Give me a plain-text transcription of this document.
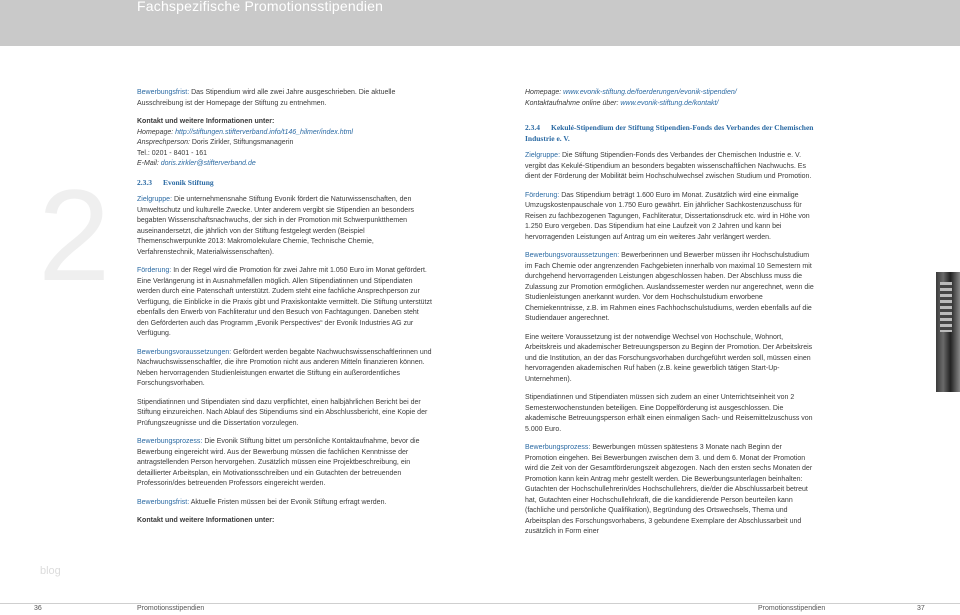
Fachspezifische Promotionsstipendien
2
blog
Bewerbungsfrist: Das Stipendium wird alle zwei Jahre ausgeschrieben. Die aktuelle Ausschreibung ist der Homepage der Stiftung zu entnehmen.
Kontakt und weitere Informationen unter:
Homepage: http://stiftungen.stifterverband.info/t146_hilmer/index.html
Ansprechperson: Doris Zirkler, Stiftungsmanagerin
Tel.: 0201 - 8401 - 161
E-Mail: doris.zirkler@stifterverband.de
2.3.3 Evonik Stiftung
Zielgruppe: Die unternehmensnahe Stiftung Evonik fördert die Naturwissenschaften, den Umweltschutz und kulturelle Zwecke. Unter anderem vergibt sie Stipendien an besonders begabten Wissenschaftsnachwuchs, der sich in der Promotion mit Schwerpunktthemen auseinandersetzt, die jährlich von der Stiftung festgelegt werden (Beispiel Themenschwerpunkte 2013: Makromolekulare Chemie, Technische Chemie, Verfahrenstechnik, Materialwissenschaften).
Förderung: In der Regel wird die Promotion für zwei Jahre mit 1.050 Euro im Monat gefördert. Eine Verlängerung ist in Ausnahmefällen möglich. Allen Stipendiatinnen und Stipendiaten werden durch eine Patenschaft unterstützt. Zudem steht eine fachliche Ansprechperson zur Verfügung, die Einblicke in die Praxis gibt und Praxiskontakte vermittelt. Die Stiftung unterstützt ebenfalls den Erwerb von Fachliteratur und den Besuch von Fachtagungen. Daneben steht den Geförderten auch das Programm „Evonik Perspectives“ der Evonik Industries AG zur Verfügung.
Bewerbungsvoraussetzungen: Gefördert werden begabte Nachwuchswissenschaftlerinnen und Nachwuchswissenschaftler, die ihre Promotion nicht aus anderen Mitteln finanzieren können. Neben hervorragenden Studienleistungen erwartet die Stiftung ein außerordentliches Forschungsvorhaben.
Stipendiatinnen und Stipendiaten sind dazu verpflichtet, einen halbjährlichen Bericht bei der Stiftung einzureichen. Nach Ablauf des Stipendiums sind ein Abschlussbericht, eine Kopie der Prüfungszeugnisse und die Dissertation vorzulegen.
Bewerbungsprozess: Die Evonik Stiftung bittet um persönliche Kontaktaufnahme, bevor die Bewerbung eingereicht wird. Aus der Bewerbung müssen die fachlichen Kenntnisse der antragstellenden Person hervorgehen. Zusätzlich müssen eine Projektbeschreibung, ein detaillierter Arbeitsplan, ein Motivationsschreiben und ein Gutachten der betreuenden Professorin/des betreuenden Professors eingereicht werden.
Bewerbungsfrist: Aktuelle Fristen müssen bei der Evonik Stiftung erfragt werden.
Kontakt und weitere Informationen unter:
Homepage: www.evonik-stiftung.de/foerderungen/evonik-stipendien/
Kontaktaufnahme online über: www.evonik-stiftung.de/kontakt/
2.3.4 Kekulé-Stipendium der Stiftung Stipendien-Fonds des Verbandes der Chemischen Industrie e. V.
Zielgruppe: Die Stiftung Stipendien-Fonds des Verbandes der Chemischen Industrie e. V. vergibt das Kekulé-Stipendium an besonders begabten wissenschaftlichen Nachwuchs. Es dient der Förderung der Mobilität beim Hochschulwechsel zwischen Studium und Promotion.
Förderung: Das Stipendium beträgt 1.600 Euro im Monat. Zusätzlich wird eine einmalige Umzugskostenpauschale von 1.750 Euro gewährt. Ein jährlicher Sachkostenzuschuss für Reisen zu fachbezogenen Tagungen, Fachliteratur, Dissertationsdruck etc. wird in Höhe von 1.250 Euro vergeben. Das Stipendium hat eine Laufzeit von 2 Jahren und kann bei hervorragenden Leistungen auf Antrag um ein weiteres Jahr verlängert werden.
Bewerbungsvoraussetzungen: Bewerberinnen und Bewerber müssen ihr Hochschulstudium im Fach Chemie oder angrenzenden Fachgebieten innerhalb von maximal 10 Semestern mit durchgehend hervorragenden Leistungen abgeschlossen haben. Der Abschluss muss die Zulassung zur Promotion ermöglichen. Auslandssemester werden nur angerechnet, wenn die Studienleistungen anerkannt wurden. Vor dem Hochschulstudium erworbene Chemiekenntnisse, z.B. im Rahmen eines Fachhochschulstudiums, werden ebenfalls auf die Studiendauer angerechnet.
Eine weitere Voraussetzung ist der notwendige Wechsel von Hochschule, Wohnort, Arbeitskreis und akademischer Betreuungsperson zu Beginn der Promotion. Der Arbeitskreis und die Institution, an der das Forschungsvorhaben durchgeführt werden soll, müssen einen hervorragenden akademischen Ruf haben (z.B. keine gewerblich tätigen Start-Up-Unternehmen).
Stipendiatinnen und Stipendiaten müssen sich zudem an einer Unterrichtseinheit von 2 Semesterwochenstunden beteiligen. Eine Doppelförderung ist ausgeschlossen. Die akademische Betreuungsperson erhält einen einmaligen Sach- und Reisemittelzuschuss von 5.000 Euro.
Bewerbungsprozess: Bewerbungen müssen spätestens 3 Monate nach Beginn der Promotion eingehen. Bei Bewerbungen zwischen dem 3. und dem 6. Monat der Promotion wird die Zeit von der Gesamtförderungszeit abgezogen. Nach den ersten sechs Monaten der Promotion kann kein Antrag mehr gestellt werden. Die Bewerbungsunterlagen beinhalten: Gutachten der Hochschullehrerin/des Hochschullehrers, die/der die Abschlussarbeit betreut hat, Gutachten einer Hochschullehrkraft, die die kandidierende Person beurteilen kann (fachliche und persönliche Qualifikation), Begründung des Ortswechsels, Thema und Arbeitsplan des Forschungsvorhabens, 3 gebundene Exemplare der Abschlussarbeit und zusätzlich in Form einer
36	Promotionsstipendien	Promotionsstipendien	37
